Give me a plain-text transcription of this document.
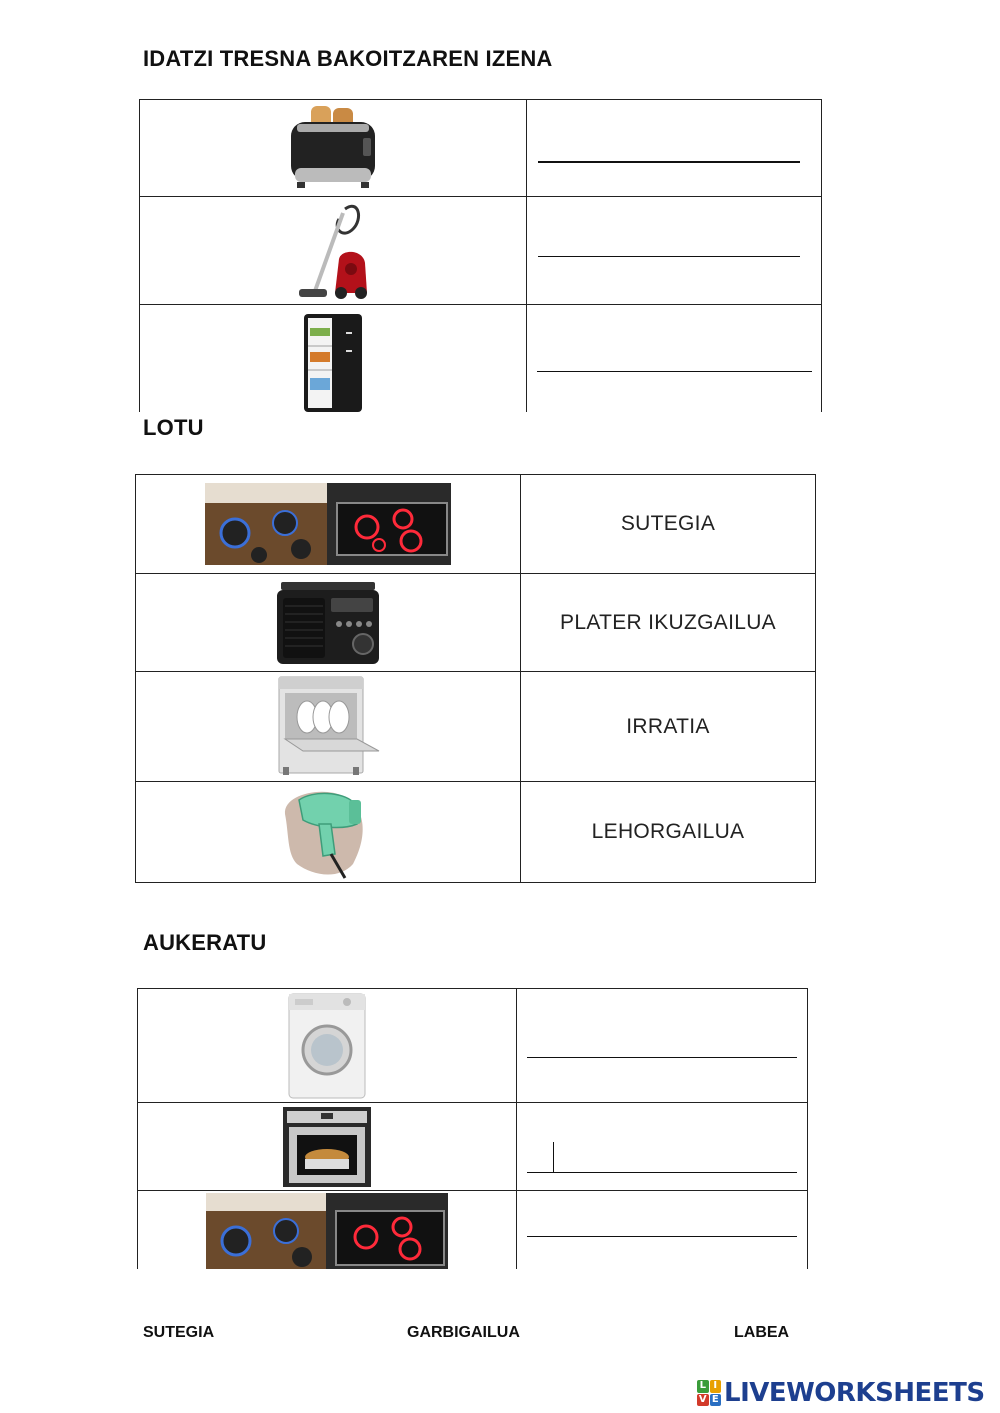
IDATZI TRESNA BAKOITZAREN IZENA

LOTU
	SUTEGIA
	PLATER IKUZGAILUA
	IRRATIA
	LEHORGAILUA
AUKERATU

SUTEGIA	GARBIGAILUA	LABEA
L I
V E LIVEWORKSHEETS
